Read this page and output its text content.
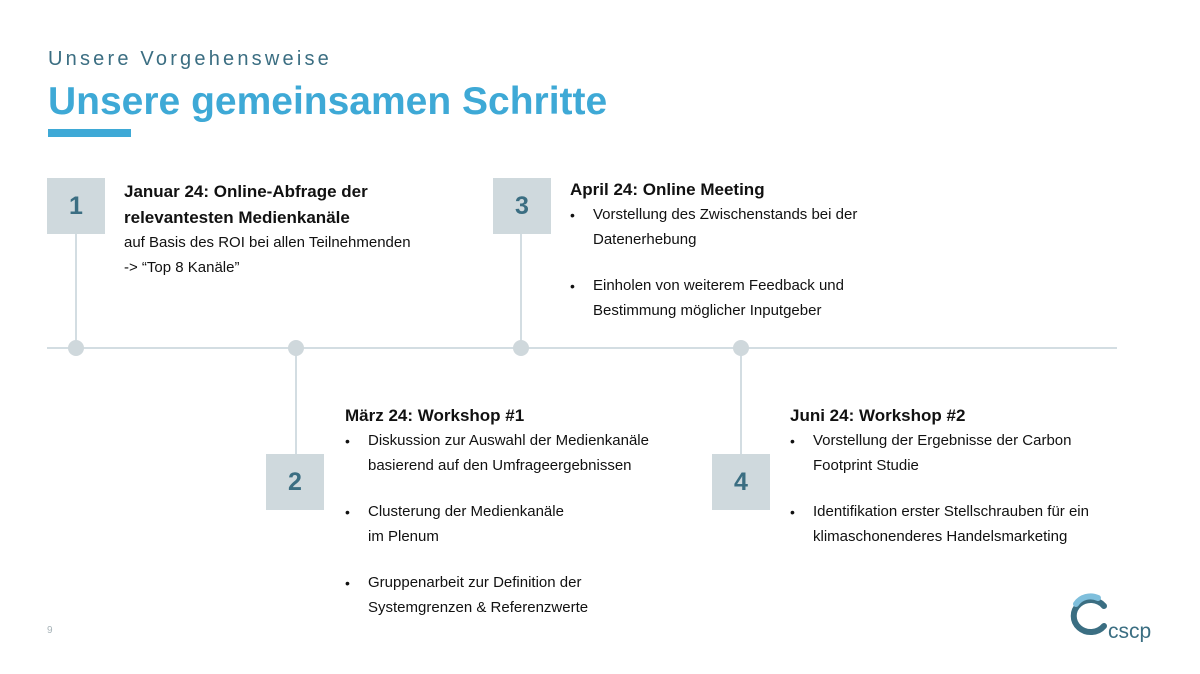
Unsere Vorgehensweise
Unsere gemeinsamen Schritte
1
2
3
4
Januar 24: Online-Abfrage der
relevantesten Medienkanäle
auf Basis des ROI bei allen Teilnehmenden
-> “Top 8 Kanäle”
März 24: Workshop #1
• Diskussion zur Auswahl der Medienkanäle
basierend auf den Umfrageergebnissen
• Clusterung der Medienkanäle
im Plenum
• Gruppenarbeit zur Definition der
Systemgrenzen & Referenzwerte
April 24: Online Meeting
• Vorstellung des Zwischenstands bei der
Datenerhebung
• Einholen von weiterem Feedback und
Bestimmung möglicher Inputgeber
Juni 24: Workshop #2
• Vorstellung der Ergebnisse der Carbon
Footprint Studie
• Identifikation erster Stellschrauben für ein
klimaschonenderes Handelsmarketing
9	cscp
